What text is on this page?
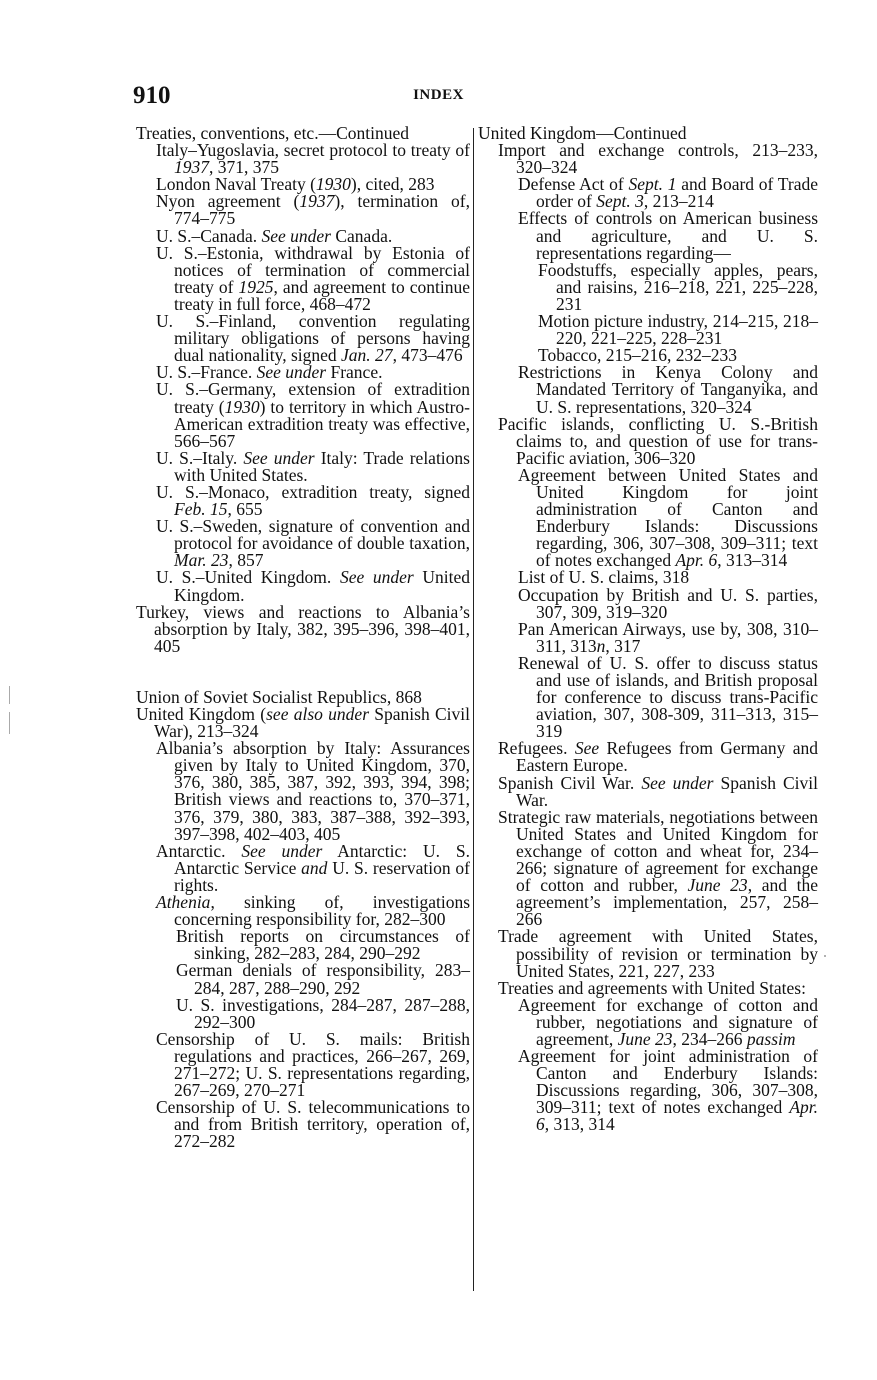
910	INDEX
Treaties, conventions, etc.—Continued
Italy–Yugoslavia, secret protocol to treaty of 1937, 371, 375
London Naval Treaty (1930), cited, 283
Nyon agreement (1937), termination of, 774–775
U. S.–Canada. See under Canada.
U. S.–Estonia, withdrawal by Estonia of notices of termination of commercial treaty of 1925, and agreement to continue treaty in full force, 468–472
U. S.–Finland, convention regulating military obligations of persons having dual nationality, signed Jan. 27, 473–476
U. S.–France. See under France.
U. S.–Germany, extension of extradition treaty (1930) to territory in which Austro-American extradition treaty was effective, 566–567
U. S.–Italy. See under Italy: Trade relations with United States.
U. S.–Monaco, extradition treaty, signed Feb. 15, 655
U. S.–Sweden, signature of convention and protocol for avoidance of double taxation, Mar. 23, 857
U. S.–United Kingdom. See under United Kingdom.
Turkey, views and reactions to Albania’s absorption by Italy, 382, 395–396, 398–401, 405
Union of Soviet Socialist Republics, 868
United Kingdom (see also under Spanish Civil War), 213–324
Albania’s absorption by Italy: Assurances given by Italy to United Kingdom, 370, 376, 380, 385, 387, 392, 393, 394, 398; British views and reactions to, 370–371, 376, 379, 380, 383, 387–388, 392–393, 397–398, 402–403, 405
Antarctic. See under Antarctic: U. S. Antarctic Service and U. S. reservation of rights.
Athenia, sinking of, investigations concerning responsibility for, 282–300
British reports on circumstances of sinking, 282–283, 284, 290–292
German denials of responsibility, 283–284, 287, 288–290, 292
U. S. investigations, 284–287, 287–288, 292–300
Censorship of U. S. mails: British regulations and practices, 266–267, 269, 271–272; U. S. representations regarding, 267–269, 270–271
Censorship of U. S. telecommunications to and from British territory, operation of, 272–282
United Kingdom—Continued
Import and exchange controls, 213–233, 320–324
Defense Act of Sept. 1 and Board of Trade order of Sept. 3, 213–214
Effects of controls on American business and agriculture, and U. S. representations regarding—
Foodstuffs, especially apples, pears, and raisins, 216–218, 221, 225–228, 231
Motion picture industry, 214–215, 218–220, 221–225, 228–231
Tobacco, 215–216, 232–233
Restrictions in Kenya Colony and Mandated Territory of Tanganyika, and U. S. representations, 320–324
Pacific islands, conflicting U. S.-British claims to, and question of use for trans-Pacific aviation, 306–320
Agreement between United States and United Kingdom for joint administration of Canton and Enderbury Islands: Discussions regarding, 306, 307–308, 309–311; text of notes exchanged Apr. 6, 313–314
List of U. S. claims, 318
Occupation by British and U. S. parties, 307, 309, 319–320
Pan American Airways, use by, 308, 310–311, 313n, 317
Renewal of U. S. offer to discuss status and use of islands, and British proposal for conference to discuss trans-Pacific aviation, 307, 308-309, 311–313, 315–319
Refugees. See Refugees from Germany and Eastern Europe.
Spanish Civil War. See under Spanish Civil War.
Strategic raw materials, negotiations between United States and United Kingdom for exchange of cotton and wheat for, 234–266; signature of agreement for exchange of cotton and rubber, June 23, and the agreement’s implementation, 257, 258–266
Trade agreement with United States, possibility of revision or termination by United States, 221, 227, 233
Treaties and agreements with United States:
Agreement for exchange of cotton and rubber, negotiations and signature of agreement, June 23, 234–266 passim
Agreement for joint administration of Canton and Enderbury Islands: Discussions regarding, 306, 307–308, 309–311; text of notes exchanged Apr. 6, 313, 314
